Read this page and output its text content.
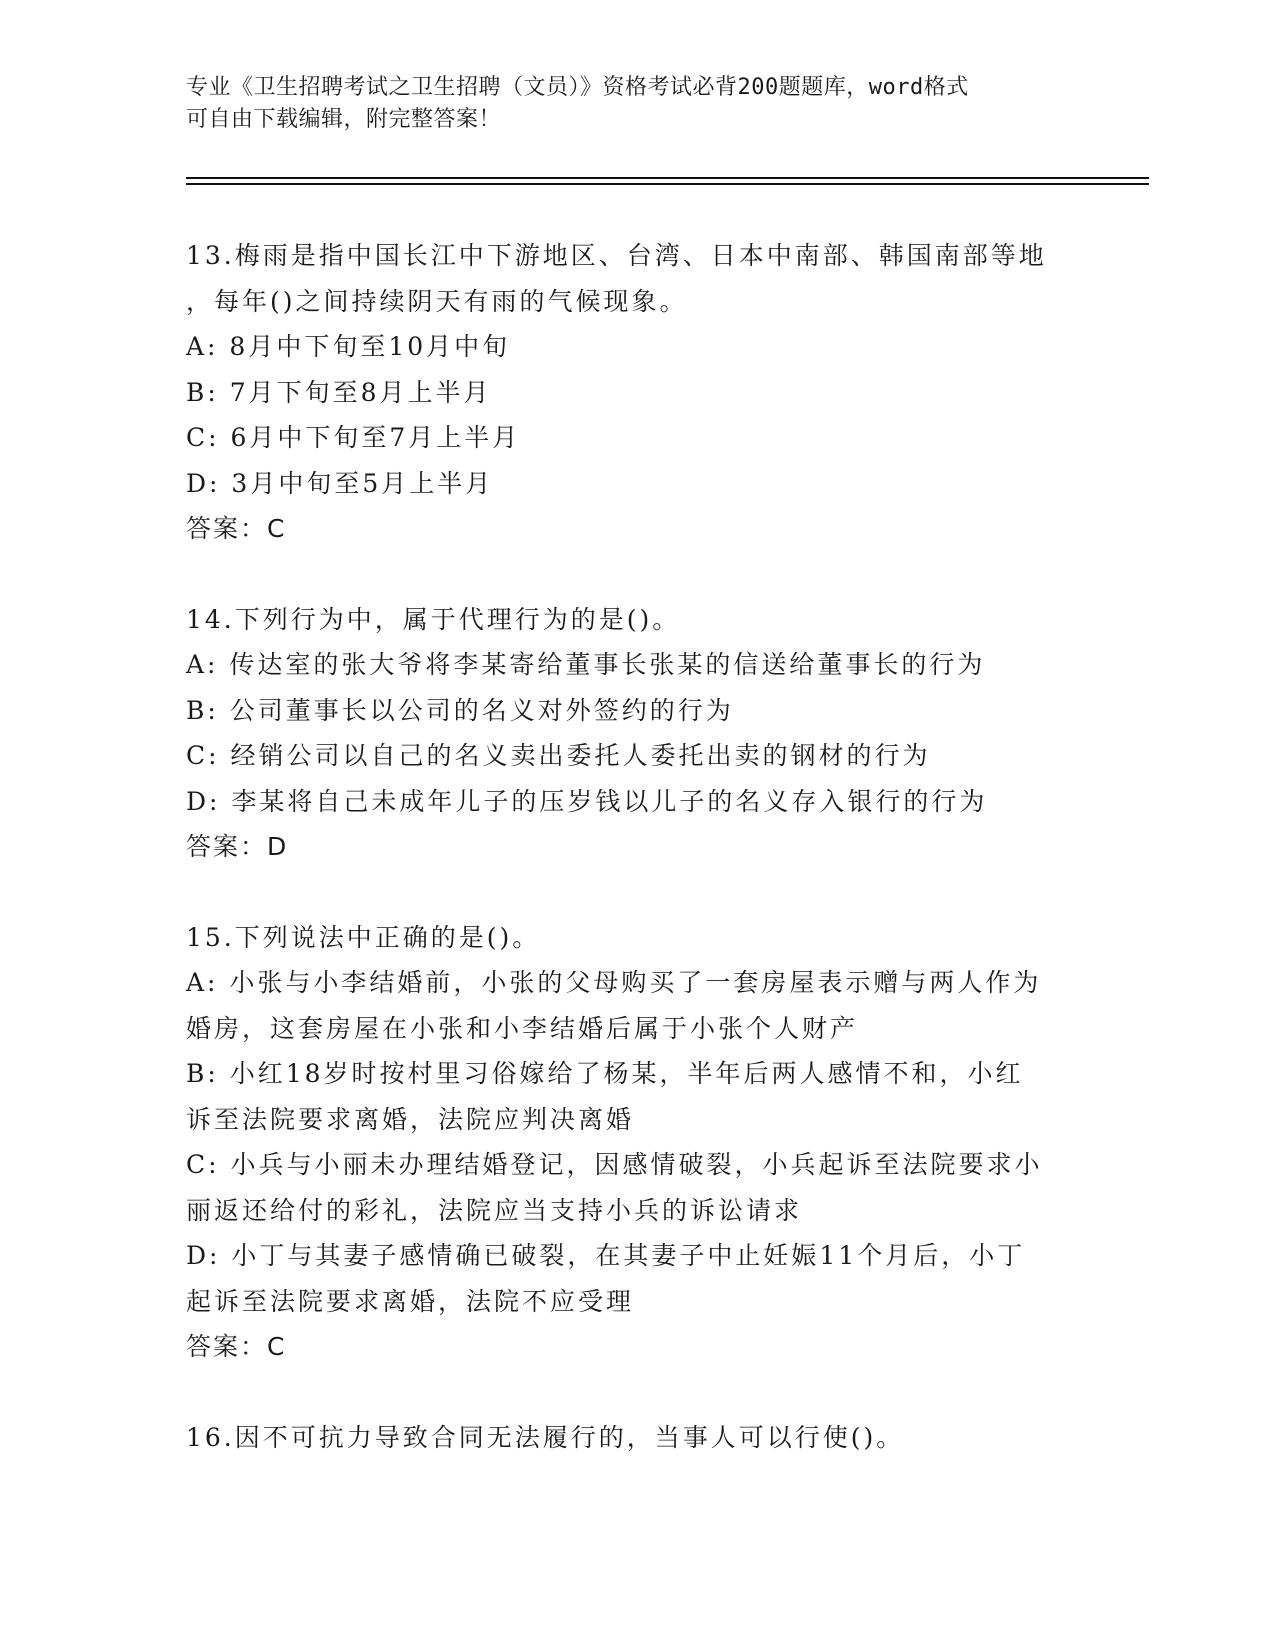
专业《卫生招聘考试之卫生招聘（文员）》资格考试必背200题题库，word格式
可自由下载编辑，附完整答案！
13.梅雨是指中国长江中下游地区、台湾、日本中南部、韩国南部等地
，每年()之间持续阴天有雨的气候现象。
A: 8月中下旬至10月中旬
B: 7月下旬至8月上半月
C: 6月中下旬至7月上半月
D: 3月中旬至5月上半月
答案：C
14.下列行为中，属于代理行为的是()。
A: 传达室的张大爷将李某寄给董事长张某的信送给董事长的行为
B: 公司董事长以公司的名义对外签约的行为
C: 经销公司以自己的名义卖出委托人委托出卖的钢材的行为
D: 李某将自己未成年儿子的压岁钱以儿子的名义存入银行的行为
答案：D
15.下列说法中正确的是()。
A: 小张与小李结婚前，小张的父母购买了一套房屋表示赠与两人作为
婚房，这套房屋在小张和小李结婚后属于小张个人财产
B: 小红18岁时按村里习俗嫁给了杨某，半年后两人感情不和，小红
诉至法院要求离婚，法院应判决离婚
C: 小兵与小丽未办理结婚登记，因感情破裂，小兵起诉至法院要求小
丽返还给付的彩礼，法院应当支持小兵的诉讼请求
D: 小丁与其妻子感情确已破裂，在其妻子中止妊娠11个月后，小丁
起诉至法院要求离婚，法院不应受理
答案：C
16.因不可抗力导致合同无法履行的，当事人可以行使()。
